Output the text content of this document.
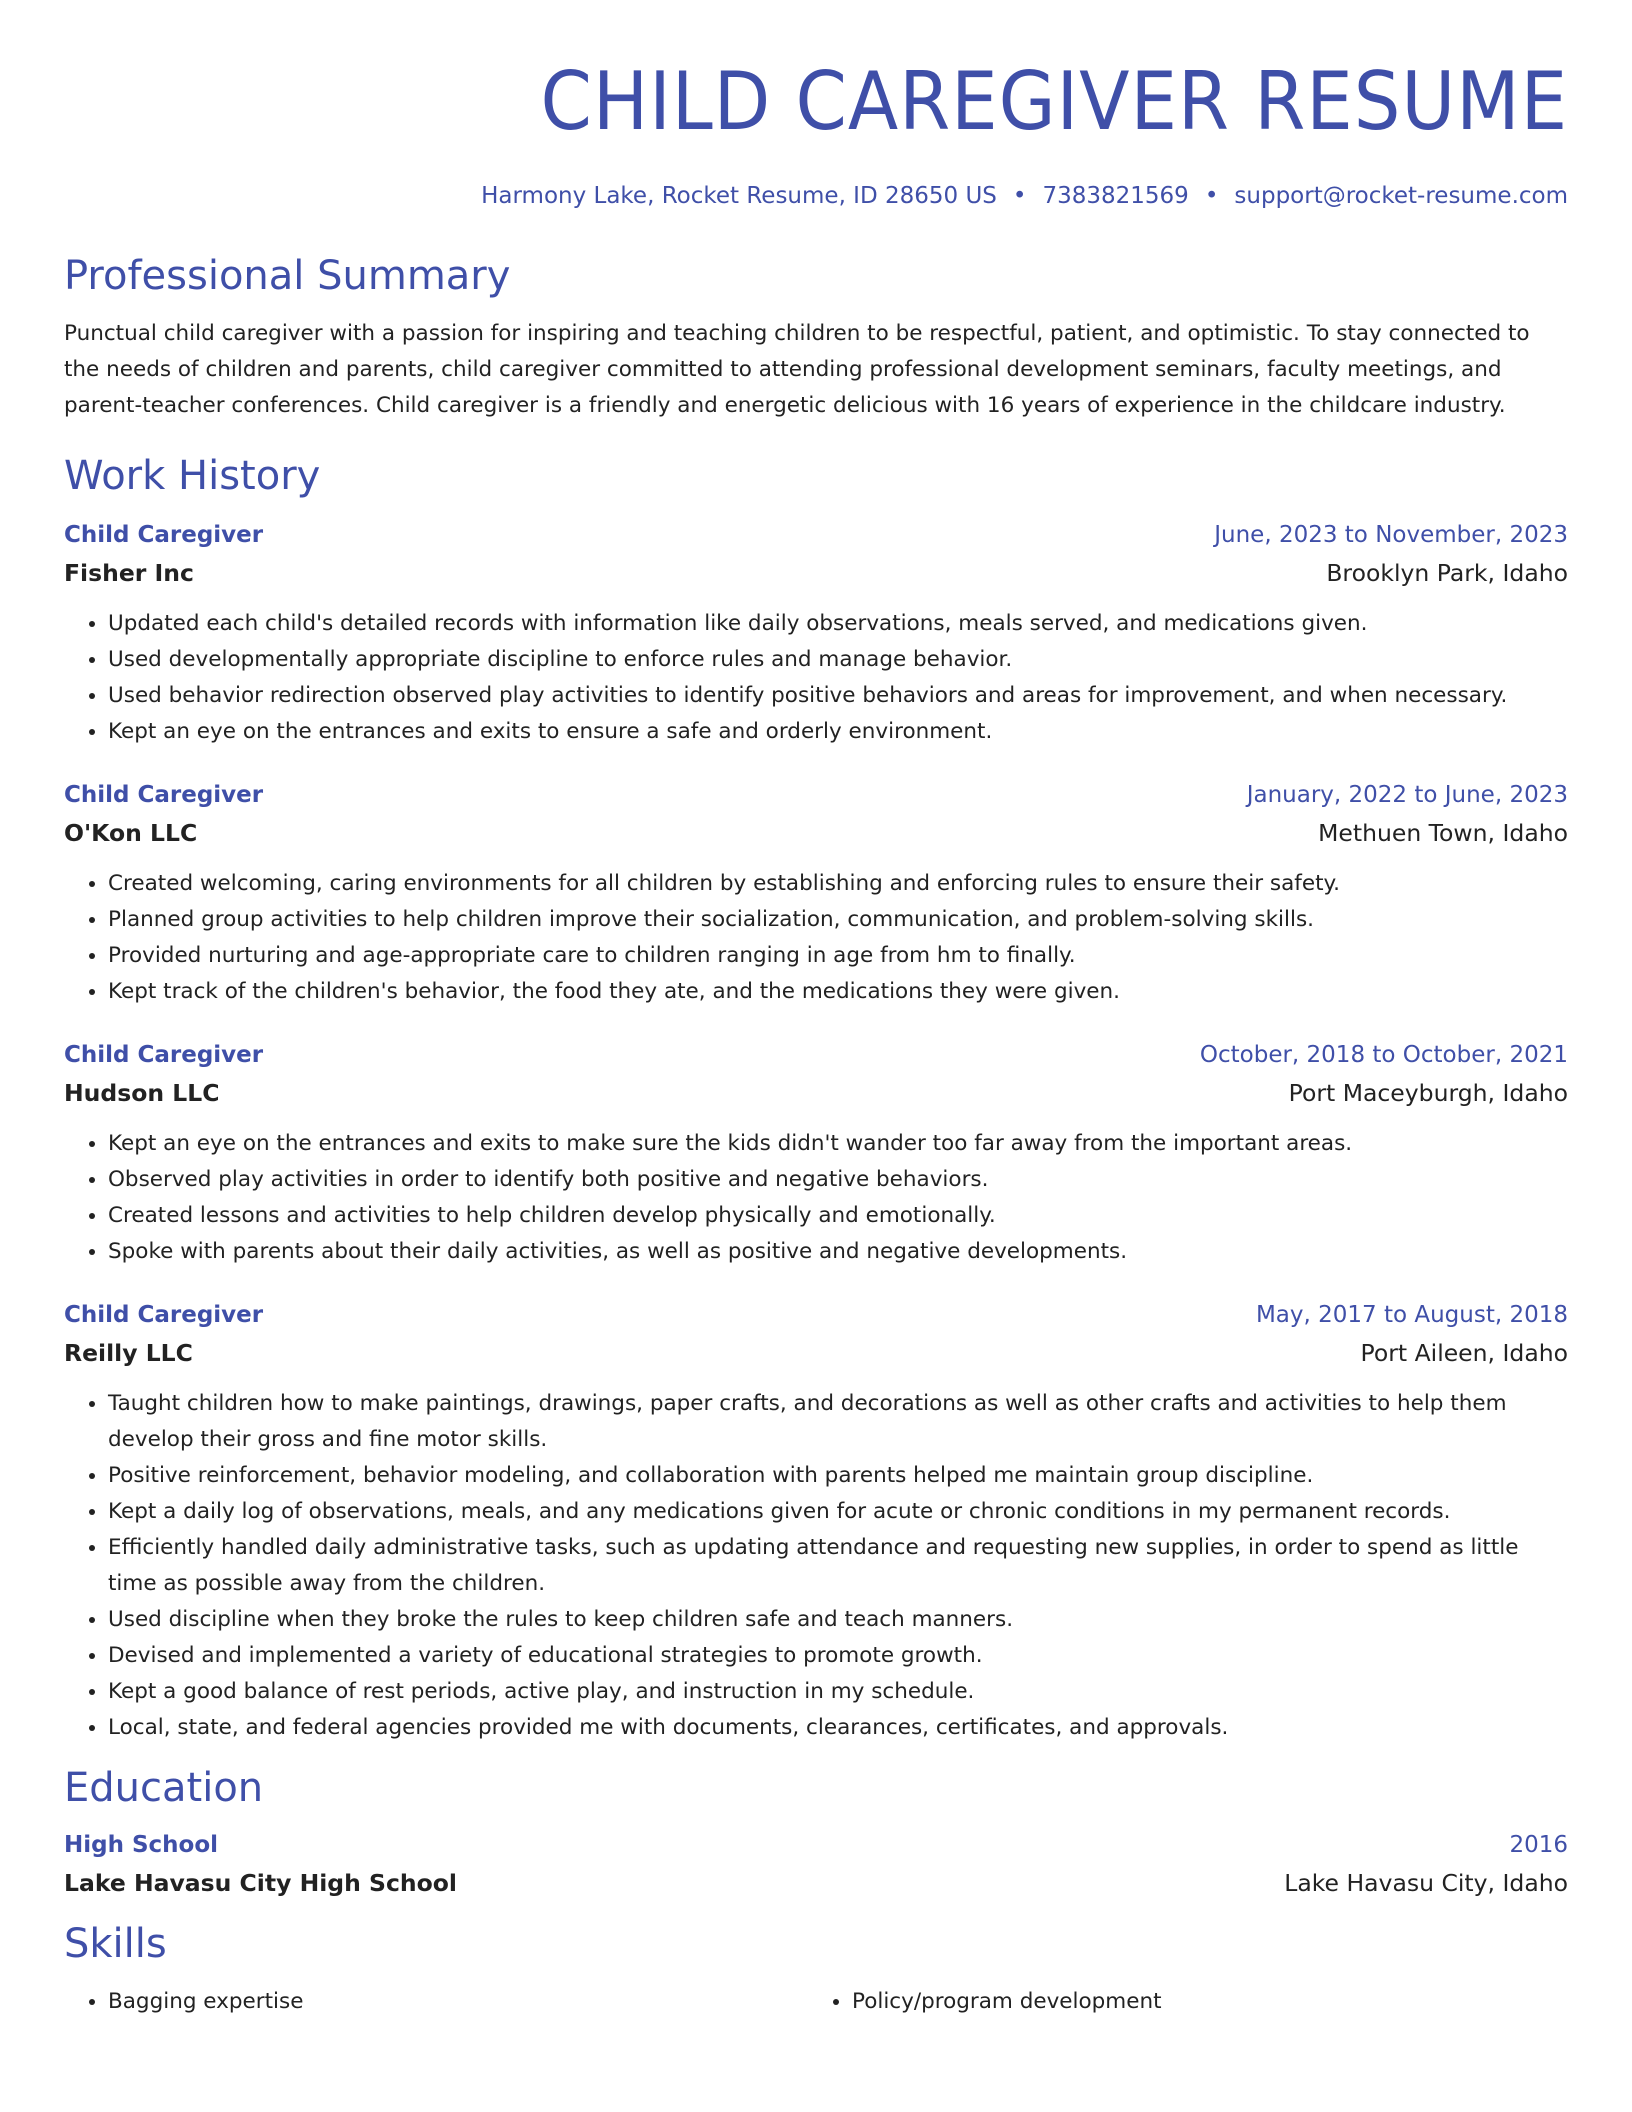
CHILD CAREGIVER RESUME
Harmony Lake, Rocket Resume, ID 28650 US • 7383821569 • support@rocket-resume.com
Professional Summary

Punctual child caregiver with a passion for inspiring and teaching children to be respectful, patient, and optimistic. To stay connected to the needs of children and parents, child caregiver committed to attending professional development seminars, faculty meetings, and parent-teacher conferences. Child caregiver is a friendly and energetic delicious with 16 years of experience in the childcare industry.

Work History
Child Caregiver	June, 2023 to November, 2023
Fisher Inc	Brooklyn Park, Idaho
• Updated each child's detailed records with information like daily observations, meals served, and medications given.
• Used developmentally appropriate discipline to enforce rules and manage behavior.
• Used behavior redirection observed play activities to identify positive behaviors and areas for improvement, and when necessary.
• Kept an eye on the entrances and exits to ensure a safe and orderly environment.
Child Caregiver	January, 2022 to June, 2023
O'Kon LLC	Methuen Town, Idaho
• Created welcoming, caring environments for all children by establishing and enforcing rules to ensure their safety.
• Planned group activities to help children improve their socialization, communication, and problem-solving skills.
• Provided nurturing and age-appropriate care to children ranging in age from hm to finally.
• Kept track of the children's behavior, the food they ate, and the medications they were given.
Child Caregiver	October, 2018 to October, 2021
Hudson LLC	Port Maceyburgh, Idaho
• Kept an eye on the entrances and exits to make sure the kids didn't wander too far away from the important areas.
• Observed play activities in order to identify both positive and negative behaviors.
• Created lessons and activities to help children develop physically and emotionally.
• Spoke with parents about their daily activities, as well as positive and negative developments.
Child Caregiver	May, 2017 to August, 2018
Reilly LLC	Port Aileen, Idaho
• Taught children how to make paintings, drawings, paper crafts, and decorations as well as other crafts and activities to help them develop their gross and fine motor skills.
• Positive reinforcement, behavior modeling, and collaboration with parents helped me maintain group discipline.
• Kept a daily log of observations, meals, and any medications given for acute or chronic conditions in my permanent records.
• Efficiently handled daily administrative tasks, such as updating attendance and requesting new supplies, in order to spend as little time as possible away from the children.
• Used discipline when they broke the rules to keep children safe and teach manners.
• Devised and implemented a variety of educational strategies to promote growth.
• Kept a good balance of rest periods, active play, and instruction in my schedule.
• Local, state, and federal agencies provided me with documents, clearances, certificates, and approvals.
Education
High School	2016
Lake Havasu City High School	Lake Havasu City, Idaho
Skills
• Bagging expertise
•	Policy/program development
